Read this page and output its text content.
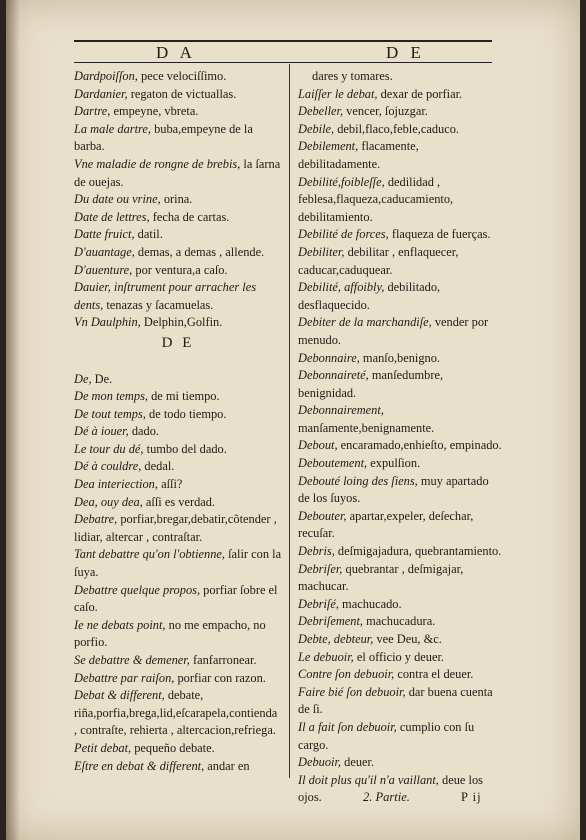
D A	D E
Dardpoiſſon, pece velociſſimo.
Dardanier, regaton de victuallas.
Dartre, empeyne, vbreta.
La male dartre, buba,empeyne de la barba.
Vne maladie de rongne de brebis, la ſarna de ouejas.
Du date ou vrine, orina.
Date de lettres, fecha de cartas.
Datte fruict, datil.
D'auantage, demas, a demas , allende.
D'auenture, por ventura,a caſo.
Dauier, inſtrument pour arracher les dents, tenazas y ſacamuelas.
Vn Daulphin, Delphin,Golfin.
D E
De, De.
De mon temps, de mi tiempo.
De tout temps, de todo tiempo.
Dé à iouer, dado.
Le tour du dé, tumbo del dado.
Dé à couldre, dedal.
Dea interiection, aſſi?
Dea, ouy dea, aſſi es verdad.
Debatre, porfiar,bregar,debatir,cõtender , lidiar, altercar , contraſtar.
Tant debattre qu'on l'obtienne, ſalir con la ſuya.
Debattre quelque propos, porfiar ſobre el caſo.
Ie ne debats point, no me empacho, no porfio.
Se debattre & demener, fanfarronear.
Debattre par raiſon, porfiar con razon.
Debat & different, debate, riña,porfia,brega,lid,eſcarapela,contienda , contraſte, rehierta , altercacion,refriega.
Petit debat, pequeño debate.
Eſtre en debat & different, andar en
dares y tomares.
Laiſſer le debat, dexar de porfiar.
Debeller, vencer, ſojuzgar.
Debile, debil,flaco,feble,caduco.
Debilement, flacamente, debilitadamente.
Debilité,foibleſſe, dedilidad , feblesa,flaqueza,caducamiento, debilitamiento.
Debilité de forces, flaqueza de fuerças.
Debiliter, debilitar , enflaquecer, caducar,caduquear.
Debilité, affoibly, debilitado, desflaquecido.
Debiter de la marchandiſe, vender por menudo.
Debonnaire, manſo,benigno.
Debonnaireté, manſedumbre, benignidad.
Debonnairement, manſamente,benignamente.
Debout, encaramado,enhieſto, empinado.
Deboutement, expulſion.
Debouté loing des ſiens, muy apartado de los ſuyos.
Debouter, apartar,expeler, deſechar, recuſar.
Debris, deſmigajadura, quebrantamiento.
Debriſer, quebrantar , deſmigajar, machucar.
Debriſé, machucado.
Debriſement, machucadura.
Debte, debteur, vee Deu, &c.
Le debuoir, el officio y deuer.
Contre ſon debuoir, contra el deuer.
Faire bié ſon debuoir, dar buena cuenta de ſi.
Il a fait ſon debuoir, cumplio con ſu cargo.
Debuoir, deuer.
Il doit plus qu'il n'a vaillant, deue los ojos.	2. Partie.	P ij
